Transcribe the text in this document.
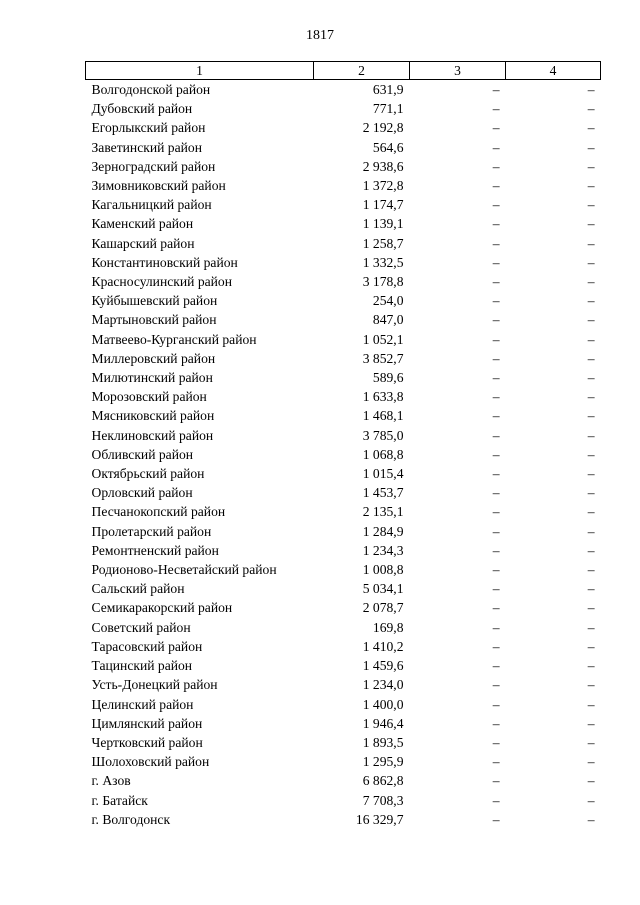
1817
1	2	3	4
Волгодонской район	631,9	–	–
Дубовский район	771,1	–	–
Егорлыкский район	2 192,8	–	–
Заветинский район	564,6	–	–
Зерноградский район	2 938,6	–	–
Зимовниковский район	1 372,8	–	–
Кагальницкий район	1 174,7	–	–
Каменский район	1 139,1	–	–
Кашарский район	1 258,7	–	–
Константиновский район	1 332,5	–	–
Красносулинский район	3 178,8	–	–
Куйбышевский район	254,0	–	–
Мартыновский район	847,0	–	–
Матвеево-Курганский район	1 052,1	–	–
Миллеровский район	3 852,7	–	–
Милютинский район	589,6	–	–
Морозовский район	1 633,8	–	–
Мясниковский район	1 468,1	–	–
Неклиновский район	3 785,0	–	–
Обливский район	1 068,8	–	–
Октябрьский район	1 015,4	–	–
Орловский район	1 453,7	–	–
Песчанокопский район	2 135,1	–	–
Пролетарский район	1 284,9	–	–
Ремонтненский район	1 234,3	–	–
Родионово-Несветайский район	1 008,8	–	–
Сальский район	5 034,1	–	–
Семикаракорский район	2 078,7	–	–
Советский район	169,8	–	–
Тарасовский район	1 410,2	–	–
Тацинский район	1 459,6	–	–
Усть-Донецкий район	1 234,0	–	–
Целинский район	1 400,0	–	–
Цимлянский район	1 946,4	–	–
Чертковский район	1 893,5	–	–
Шолоховский район	1 295,9	–	–
г. Азов	6 862,8	–	–
г. Батайск	7 708,3	–	–
г. Волгодонск	16 329,7	–	–
